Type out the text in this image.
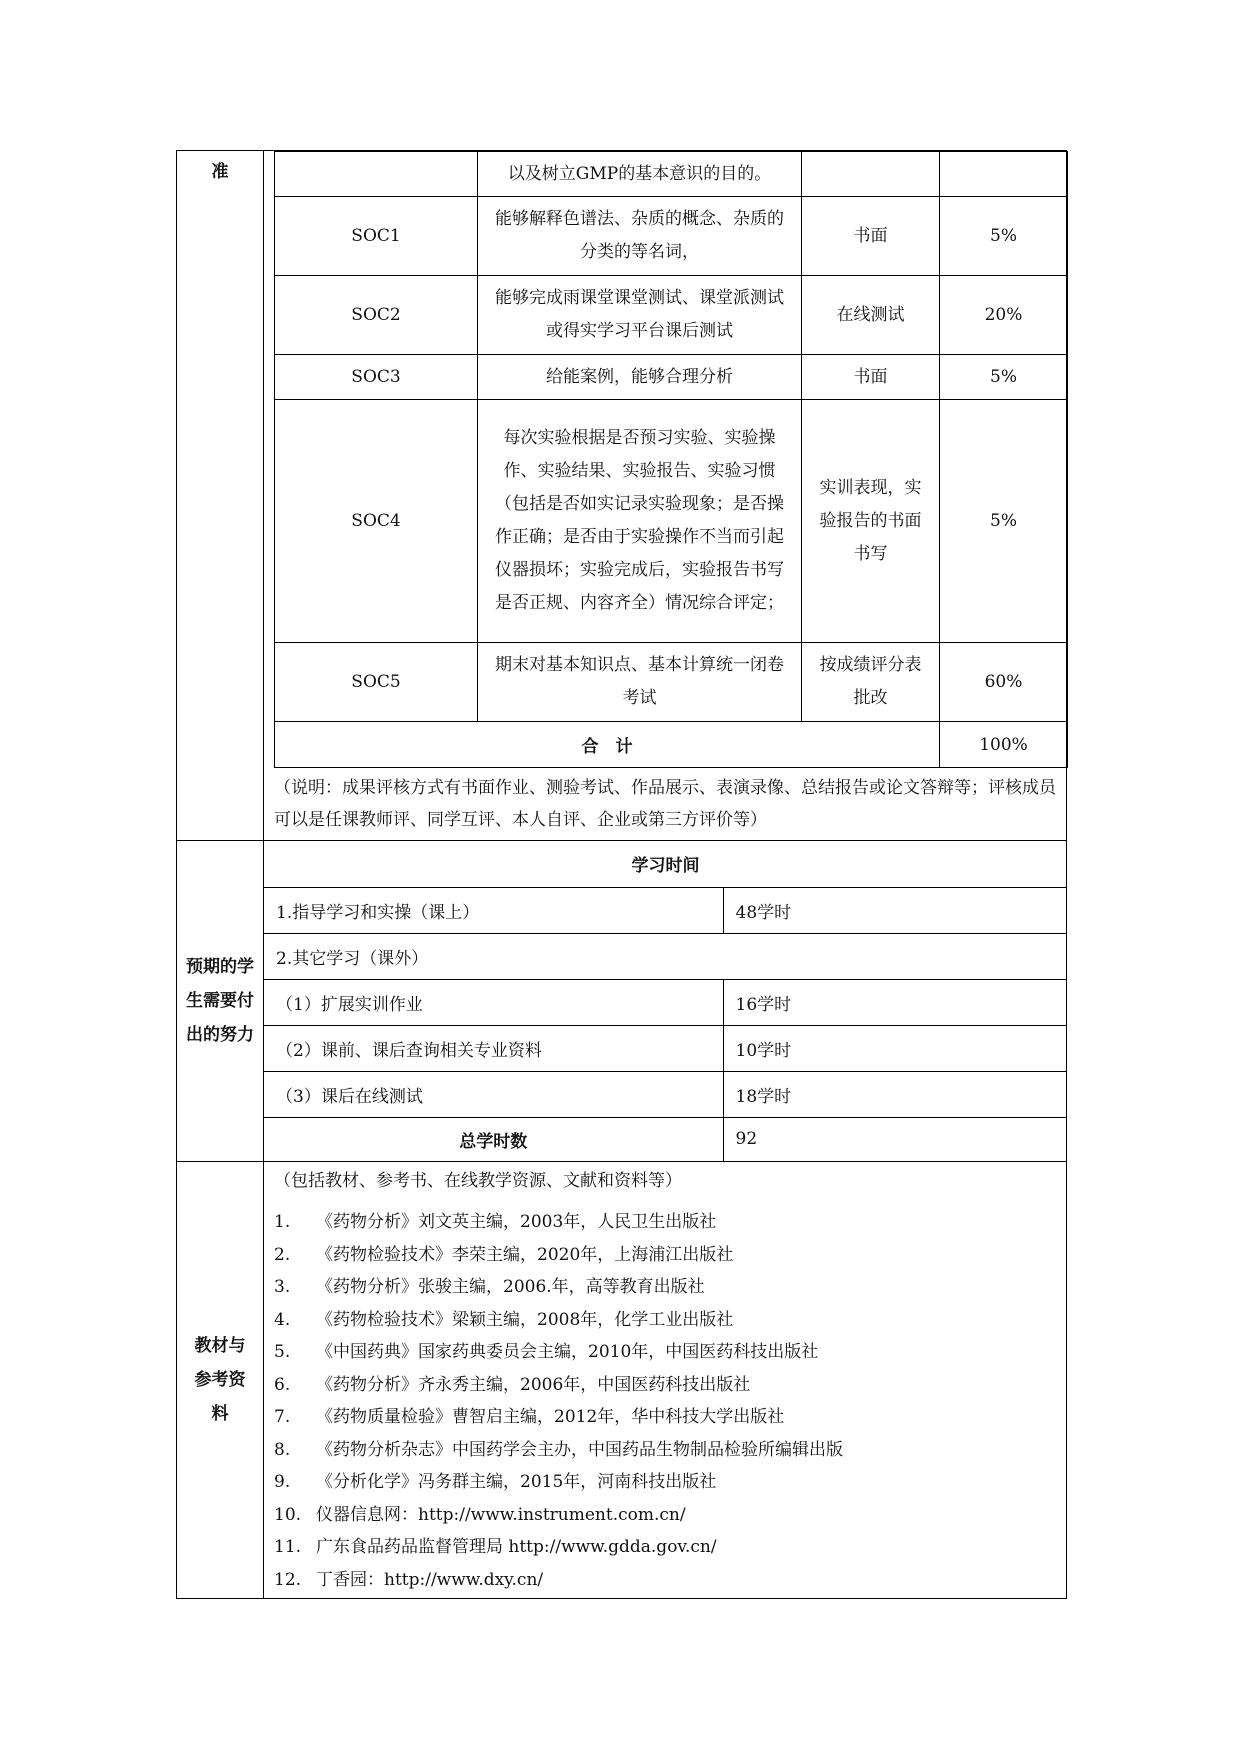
准	
		以及树立GMP的基本意识的目的。		
SOC1	能够解释色谱法、杂质的概念、杂质的分类的等名词，	书面	5%
SOC2	能够完成雨课堂课堂测试、课堂派测试或得实学习平台课后测试	在线测试	20%
SOC3	给能案例，能够合理分析	书面	5%
SOC4	每次实验根据是否预习实验、实验操作、实验结果、实验报告、实验习惯（包括是否如实记录实验现象；是否操作正确；是否由于实验操作不当而引起仪器损坏；实验完成后，实验报告书写是否正规、内容齐全）情况综合评定；	实训表现，实验报告的书面书写	5%
SOC5	期末对基本知识点、基本计算统一闭卷考试	按成绩评分表批改	60%
合　计	100%
（说明：成果评核方式有书面作业、测验考试、作品展示、表演录像、总结报告或论文答辩等；评核成员可以是任课教师评、同学互评、本人自评、企业或第三方评价等）

预期的学生需要付出的努力

学习时间
1.指导学习和实操（课上）	48学时
2.其它学习（课外）
（1）扩展实训作业	16学时
（2）课前、课后查询相关专业资料	10学时
（3）课后在线测试	18学时
总学时数	92

教材与参考资料

（包括教材、参考书、在线教学资源、文献和资料等）
1. 《药物分析》刘文英主编，2003年，人民卫生出版社
2. 《药物检验技术》李荣主编，2020年，上海浦江出版社
3. 《药物分析》张骏主编，2006.年，高等教育出版社
4. 《药物检验技术》梁颖主编，2008年，化学工业出版社
5. 《中国药典》国家药典委员会主编，2010年，中国医药科技出版社
6. 《药物分析》齐永秀主编，2006年，中国医药科技出版社
7. 《药物质量检验》曹智启主编，2012年，华中科技大学出版社
8. 《药物分析杂志》中国药学会主办，中国药品生物制品检验所编辑出版
9. 《分析化学》冯务群主编，2015年，河南科技出版社
10. 仪器信息网：http://www.instrument.com.cn/
11. 广东食品药品监督管理局 http://www.gdda.gov.cn/
12. 丁香园：http://www.dxy.cn/
